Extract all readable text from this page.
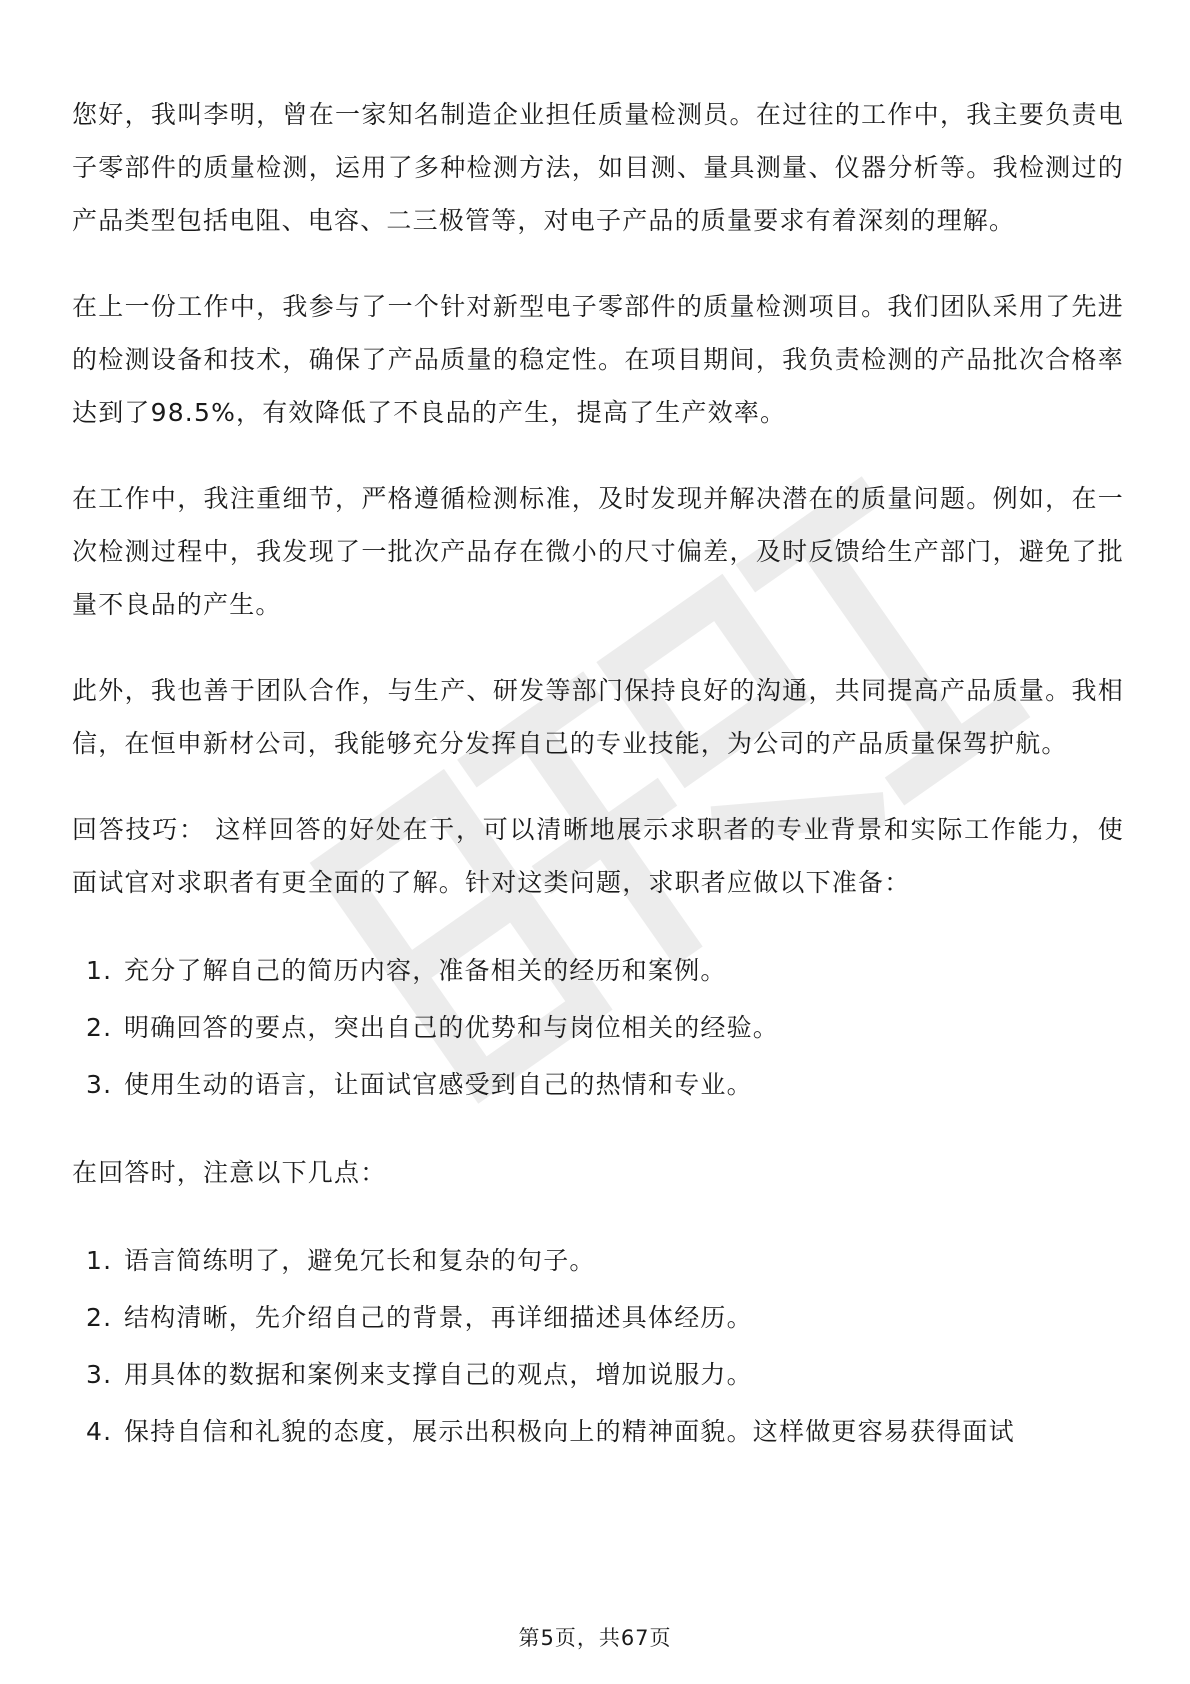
您好，我叫李明，曾在一家知名制造企业担任质量检测员。在过往的工作中，我主要负责电子零部件的质量检测，运用了多种检测方法，如目测、量具测量、仪器分析等。我检测过的产品类型包括电阻、电容、二三极管等，对电子产品的质量要求有着深刻的理解。

在上一份工作中，我参与了一个针对新型电子零部件的质量检测项目。我们团队采用了先进的检测设备和技术，确保了产品质量的稳定性。在项目期间，我负责检测的产品批次合格率达到了98.5%，有效降低了不良品的产生，提高了生产效率。

在工作中，我注重细节，严格遵循检测标准，及时发现并解决潜在的质量问题。例如，在一次检测过程中，我发现了一批次产品存在微小的尺寸偏差，及时反馈给生产部门，避免了批量不良品的产生。

此外，我也善于团队合作，与生产、研发等部门保持良好的沟通，共同提高产品质量。我相信，在恒申新材公司，我能够充分发挥自己的专业技能，为公司的产品质量保驾护航。

回答技巧： 这样回答的好处在于，可以清晰地展示求职者的专业背景和实际工作能力，使面试官对求职者有更全面的了解。针对这类问题，求职者应做以下准备：

1. 充分了解自己的简历内容，准备相关的经历和案例。
2. 明确回答的要点，突出自己的优势和与岗位相关的经验。
3. 使用生动的语言，让面试官感受到自己的热情和专业。

在回答时，注意以下几点：

1. 语言简练明了，避免冗长和复杂的句子。
2. 结构清晰，先介绍自己的背景，再详细描述具体经历。
3. 用具体的数据和案例来支撑自己的观点，增加说服力。
4. 保持自信和礼貌的态度，展示出积极向上的精神面貌。这样做更容易获得面试
第5页，共67页
